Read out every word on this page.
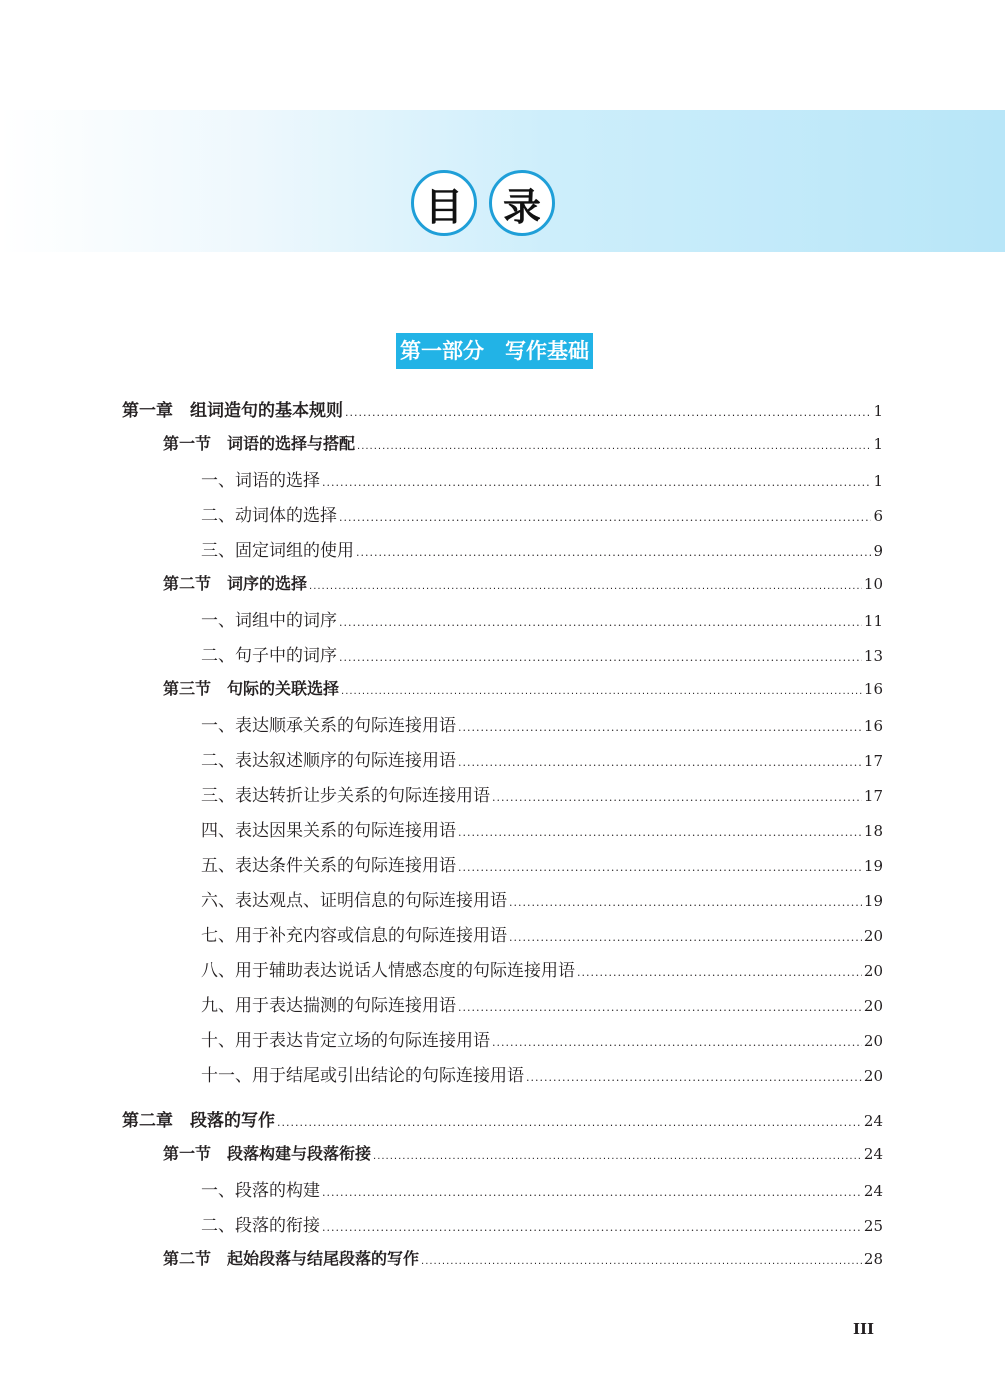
目	录
第一部分　写作基础
第一章　组词造句的基本规则 .....	1
第一节　词语的选择与搭配 .....	1
一、词语的选择 .....	1
二、动词体的选择 .....	6
三、固定词组的使用 .....	9
第二节　词序的选择 .....	10
一、词组中的词序 .....	11
二、句子中的词序 .....	13
第三节　句际的关联选择 .....	16
一、表达顺承关系的句际连接用语 .....	16
二、表达叙述顺序的句际连接用语 .....	17
三、表达转折让步关系的句际连接用语 .....	17
四、表达因果关系的句际连接用语 .....	18
五、表达条件关系的句际连接用语 .....	19
六、表达观点、证明信息的句际连接用语 .....	19
七、用于补充内容或信息的句际连接用语 .....	20
八、用于辅助表达说话人情感态度的句际连接用语 .....	20
九、用于表达揣测的句际连接用语 .....	20
十、用于表达肯定立场的句际连接用语 .....	20
十一、用于结尾或引出结论的句际连接用语 .....	20
第二章　段落的写作 .....	24
第一节　段落构建与段落衔接 .....	24
一、段落的构建 .....	24
二、段落的衔接 .....	25
第二节　起始段落与结尾段落的写作 .....	28
III
